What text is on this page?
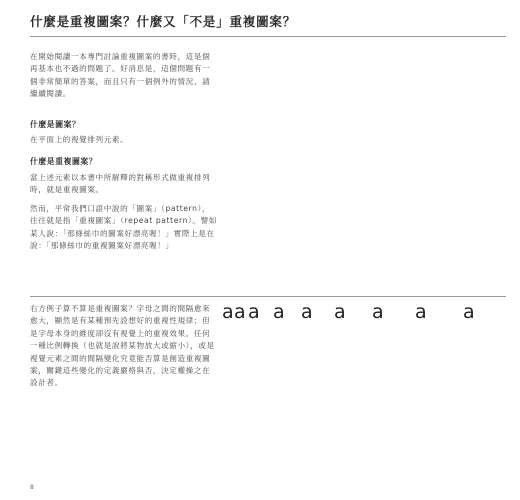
什麼是重複圖案？什麼又「不是」重複圖案？

在開始閱讀一本專門討論重複圖案的書時，這是個再基本也不過的問題了。好消息是，這個問題有一個非常簡單的答案，而且只有一個例外的情況，請繼續閱讀。

什麼是圖案？

在平面上的視覺排列元素。

什麼是重複圖案？

當上述元素以本書中所解釋的對稱形式做重複排列時，就是重複圖案。

然而，平常我們口語中說的「圖案」（pattern），往往就是指「重複圖案」（repeat pattern）。譬如某人說：「那條絲巾的圖案好漂亮喔！」實際上是在說：「那條絲巾的重複圖案好漂亮喔！」

右方例子算不算是重複圖案？字母之間的間隔愈來愈大，顯然是有某種預先設想好的重複性規律；但是字母本身的維度卻沒有視覺上的重複效果。任何一種比例轉換（也就是說將某物放大或縮小），或是視覺元素之間的間隔變化究竟能否算是創造重複圖案，關鍵這些變化的定義嚴格與否，決定權操之在設計者。

a a a a a a a a a
8
